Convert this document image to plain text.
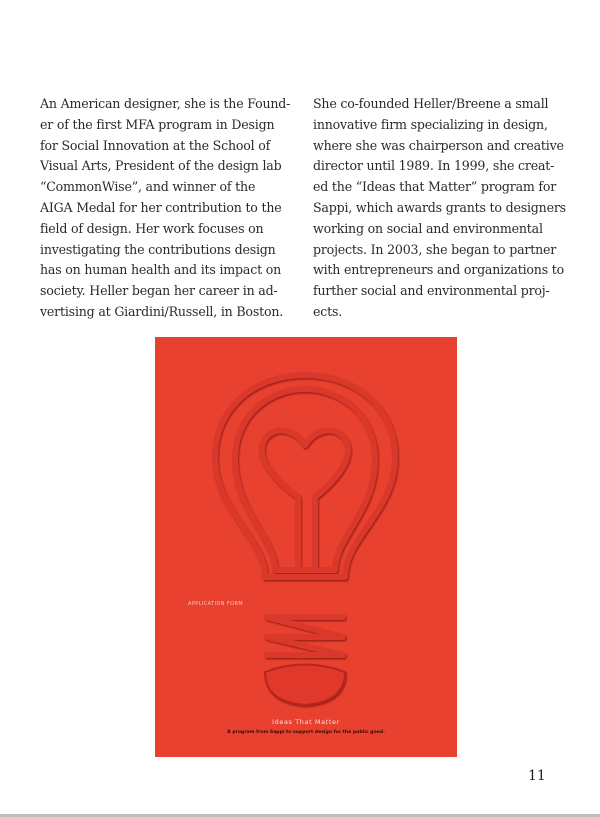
An American designer, she is the Found-
er of the first MFA program in Design
for Social Innovation at the School of
Visual Arts, President of the design lab
“CommonWise”, and winner of the
AIGA Medal for her contribution to the
field of design. Her work focuses on
investigating the contributions design
has on human health and its impact on
society. Heller began her career in ad-
vertising at Giardini/Russell, in Boston.
She co-founded Heller/Breene a small
innovative firm specializing in design,
where she was chairperson and creative
director until 1989. In 1999, she creat-
ed the “Ideas that Matter” program for
Sappi, which awards grants to designers
working on social and environmental
projects. In 2003, she began to partner
with entrepreneurs and organizations to
further social and environmental proj-
ects.
APPLICATION FORM
Ideas That Matter
A program from Sappi to support design for the public good.
11
